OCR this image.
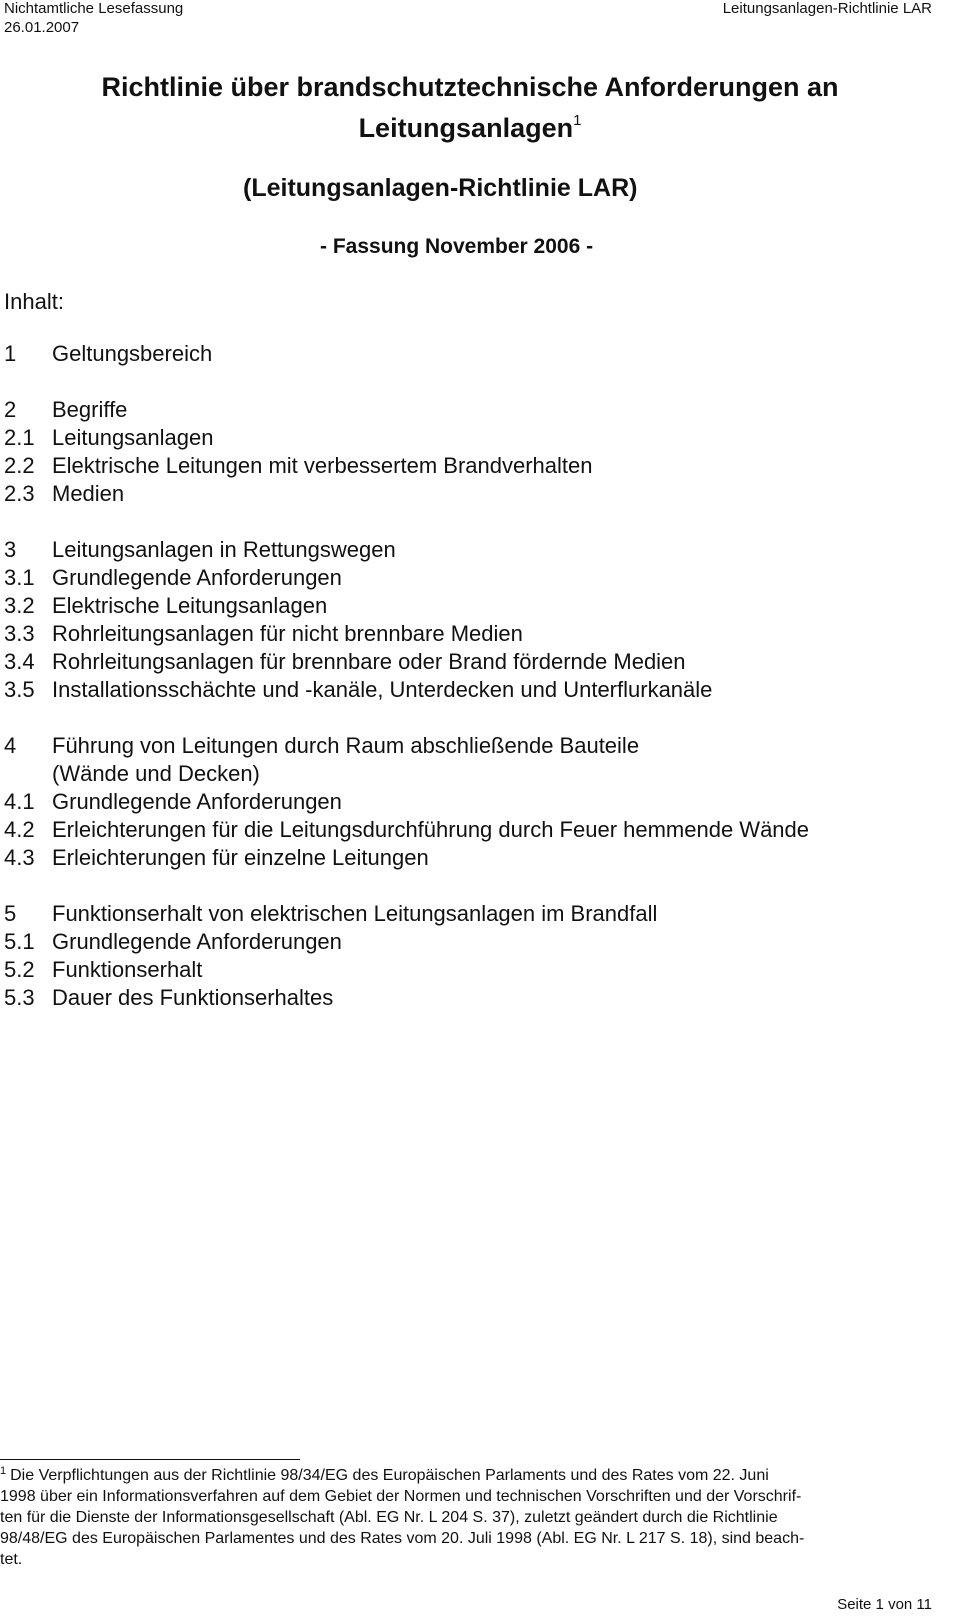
Nichtamtliche Lesefassung
26.01.2007
Leitungsanlagen-Richtlinie LAR
Richtlinie über brandschutztechnische Anforderungen an
Leitungsanlagen$^1$
(Leitungsanlagen-Richtlinie LAR)
- Fassung November 2006 -
Inhalt:
1	Geltungsbereich
2	Begriffe
2.1 Leitungsanlagen
2.2 Elektrische Leitungen mit verbessertem Brandverhalten
2.3 Medien
3	Leitungsanlagen in Rettungswegen
3.1 Grundlegende Anforderungen
3.2 Elektrische Leitungsanlagen
3.3 Rohrleitungsanlagen für nicht brennbare Medien
3.4 Rohrleitungsanlagen für brennbare oder Brand fördernde Medien
3.5 Installationsschächte und -kanäle, Unterdecken und Unterflurkanäle
4	Führung von Leitungen durch Raum abschließende Bauteile
(Wände und Decken)
4.1 Grundlegende Anforderungen
4.2 Erleichterungen für die Leitungsdurchführung durch Feuer hemmende Wände
4.3 Erleichterungen für einzelne Leitungen
5	Funktionserhalt von elektrischen Leitungsanlagen im Brandfall
5.1 Grundlegende Anforderungen
5.2 Funktionserhalt
5.3 Dauer des Funktionserhaltes
$^1$ Die Verpflichtungen aus der Richtlinie 98/34/EG des Europäischen Parlaments und des Rates vom 22. Juni
1998 über ein Informationsverfahren auf dem Gebiet der Normen und technischen Vorschriften und der Vorschrif-
ten für die Dienste der Informationsgesellschaft (Abl. EG Nr. L 204 S. 37), zuletzt geändert durch die Richtlinie
98/48/EG des Europäischen Parlamentes und des Rates vom 20. Juli 1998 (Abl. EG Nr. L 217 S. 18), sind beach-
tet.
Seite 1 von 11
